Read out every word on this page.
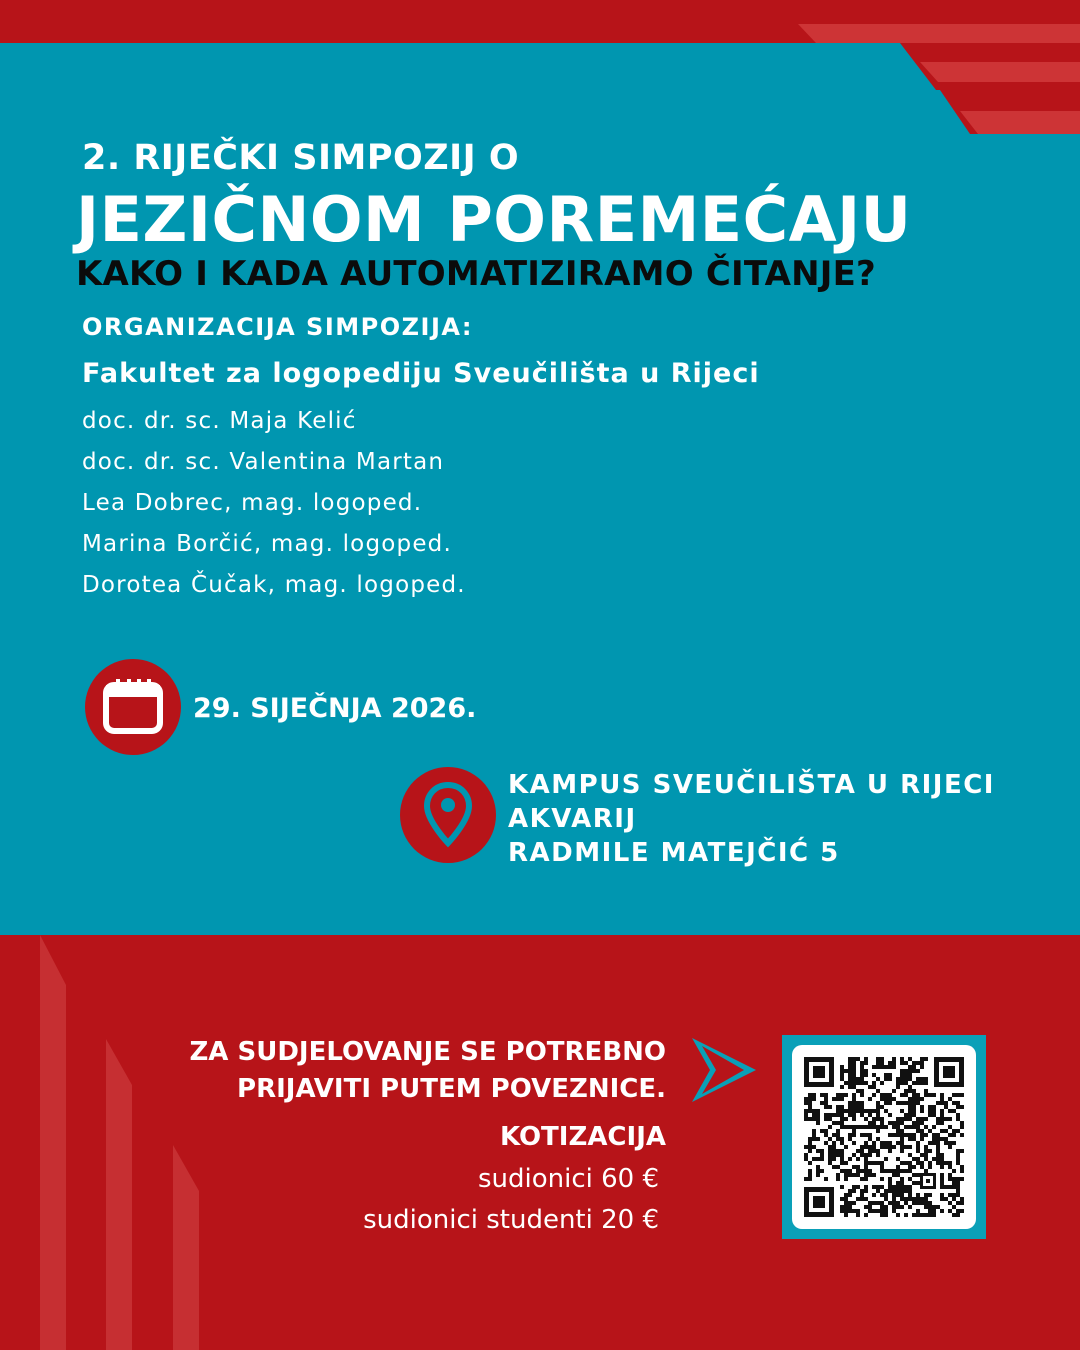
2. RIJEČKI SIMPOZIJ O
JEZIČNOM POREMEĆAJU
KAKO I KADA AUTOMATIZIRAMO ČITANJE?
ORGANIZACIJA SIMPOZIJA:
Fakultet za logopediju Sveučilišta u Rijeci
doc. dr. sc. Maja Kelić
doc. dr. sc. Valentina Martan
Lea Dobrec, mag. logoped.
Marina Borčić, mag. logoped.
Dorotea Čučak, mag. logoped.
29. SIJEČNJA 2026.
KAMPUS SVEUČILIŠTA U RIJECI
AKVARIJ
RADMILE MATEJČIĆ 5
ZA SUDJELOVANJE SE POTREBNO
PRIJAVITI PUTEM POVEZNICE.
KOTIZACIJA
sudionici 60 €
sudionici studenti 20 €
